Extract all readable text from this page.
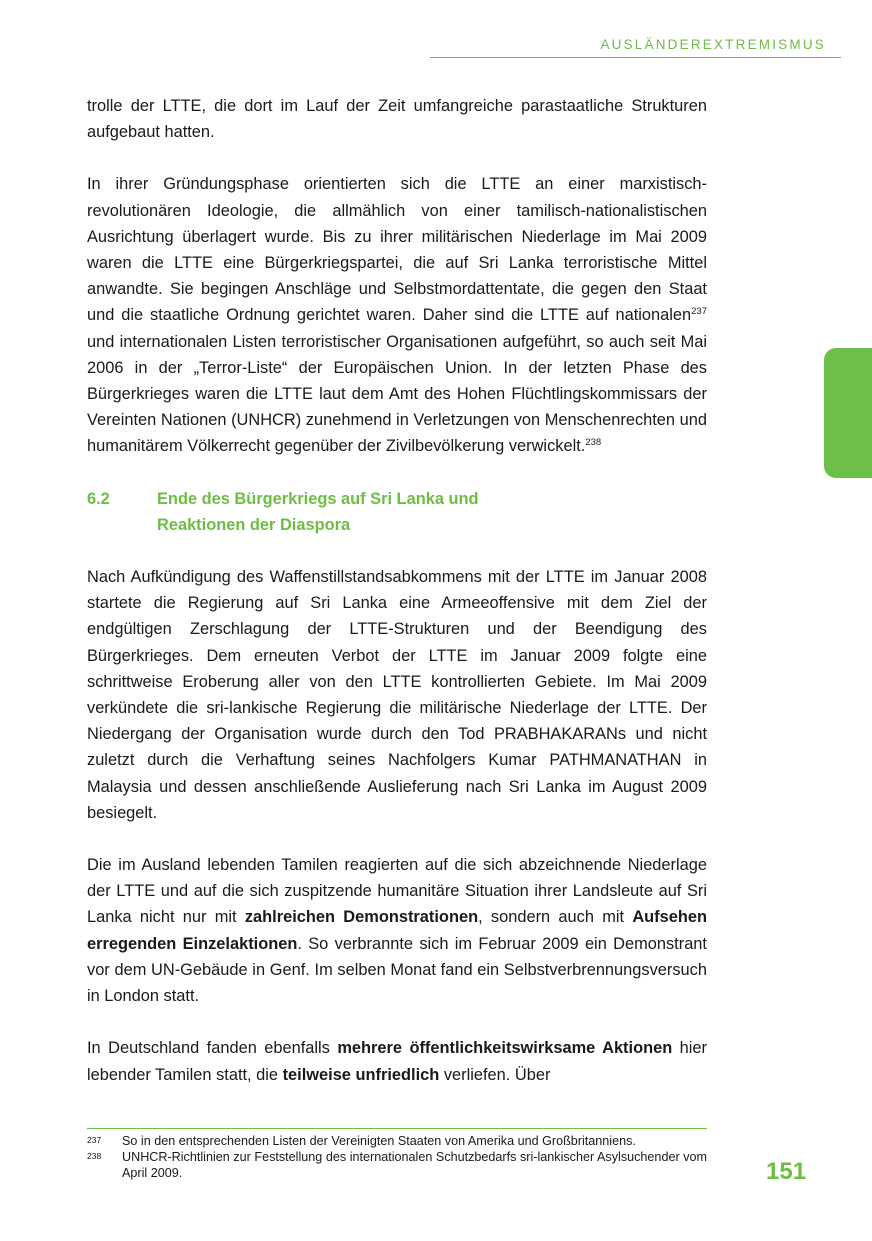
AUSLÄNDEREXTREMISMUS

trolle der LTTE, die dort im Lauf der Zeit umfangreiche parastaatliche Strukturen aufgebaut hatten.

In ihrer Gründungsphase orientierten sich die LTTE an einer marxistisch-revolutionären Ideologie, die allmählich von einer tamilisch-nationalistischen Ausrichtung überlagert wurde. Bis zu ihrer militärischen Niederlage im Mai 2009 waren die LTTE eine Bürgerkriegspartei, die auf Sri Lanka terroristische Mittel anwandte. Sie begingen Anschläge und Selbstmordattentate, die gegen den Staat und die staatliche Ordnung gerichtet waren. Daher sind die LTTE auf nationalen$^{237}$ und internationalen Listen terroristischer Organisationen aufgeführt, so auch seit Mai 2006 in der „Terror-Liste“ der Europäischen Union. In der letzten Phase des Bürgerkrieges waren die LTTE laut dem Amt des Hohen Flüchtlingskommissars der Vereinten Nationen (UNHCR) zunehmend in Verletzungen von Menschenrechten und humanitärem Völkerrecht gegenüber der Zivilbevölkerung verwickelt.$^{238}$

6.2	Ende des Bürgerkriegs auf Sri Lanka und
Reaktionen der Diaspora

Nach Aufkündigung des Waffenstillstandsabkommens mit der LTTE im Januar 2008 startete die Regierung auf Sri Lanka eine Armeeoffensive mit dem Ziel der endgültigen Zerschlagung der LTTE-Strukturen und der Beendigung des Bürgerkrieges. Dem erneuten Verbot der LTTE im Januar 2009 folgte eine schrittweise Eroberung aller von den LTTE kontrollierten Gebiete. Im Mai 2009 verkündete die sri-lankische Regierung die militärische Niederlage der LTTE. Der Niedergang der Organisation wurde durch den Tod PRABHAKARANs und nicht zuletzt durch die Verhaftung seines Nachfolgers Kumar PATHMANATHAN in Malaysia und dessen anschließende Auslieferung nach Sri Lanka im August 2009 besiegelt.

Die im Ausland lebenden Tamilen reagierten auf die sich abzeichnende Niederlage der LTTE und auf die sich zuspitzende humanitäre Situation ihrer Landsleute auf Sri Lanka nicht nur mit zahlreichen Demonstrationen, sondern auch mit Aufsehen erregenden Einzelaktionen. So verbrannte sich im Februar 2009 ein Demonstrant vor dem UN-Gebäude in Genf. Im selben Monat fand ein Selbstverbrennungsversuch in London statt.

In Deutschland fanden ebenfalls mehrere öffentlichkeitswirksame Aktionen hier lebender Tamilen statt, die teilweise unfriedlich verliefen. Über

237	So in den entsprechenden Listen der Vereinigten Staaten von Amerika und Großbritanniens.
238	UNHCR-Richtlinien zur Feststellung des internationalen Schutzbedarfs sri-lankischer Asylsuchender vom April 2009.	151
